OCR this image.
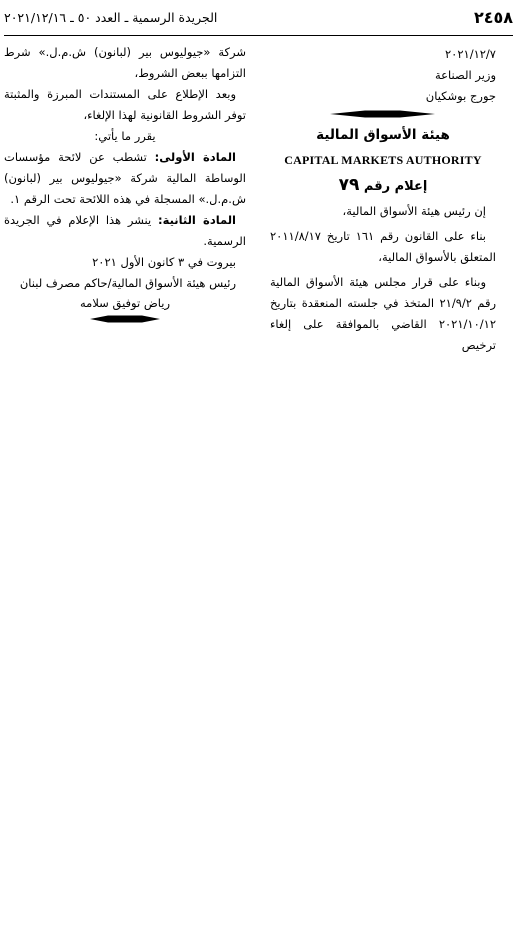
٢٤٥٨
الجريدة الرسمية ـ العدد ٥٠ ـ ٢٠٢١/١٢/١٦

٢٠٢١/١٢/٧

وزير الصناعة

جورج بوشكيان

هيئة الأسواق المالية

CAPITAL MARKETS AUTHORITY

إعلام رقم ٧٩

إن رئيس هيئة الأسواق المالية،

بناء على القانون رقم ١٦١ تاريخ ٢٠١١/٨/١٧ المتعلق بالأسواق المالية،

وبناء على قرار مجلس هيئة الأسواق المالية رقم ٢١/٩/٢ المتخذ في جلسته المنعقدة بتاريخ ٢٠٢١/١٠/١٢ القاضي بالموافقة على إلغاء ترخيص

شركة «جيوليوس بير (لبانون) ش.م.ل.» شرط التزامها ببعض الشروط،

وبعد الإطلاع على المستندات المبرزة والمثبتة توفر الشروط القانونية لهذا الإلغاء،

يقرر ما يأتي:

المادة الأولى: تشطب عن لائحة مؤسسات الوساطة المالية شركة «جيوليوس بير (لبانون) ش.م.ل.» المسجلة في هذه اللائحة تحت الرقم ١.

المادة الثانية: ينشر هذا الإعلام في الجريدة الرسمية.

بيروت في ٣ كانون الأول ٢٠٢١

رئيس هيئة الأسواق المالية/حاكم مصرف لبنان

رياض توفيق سلامه
